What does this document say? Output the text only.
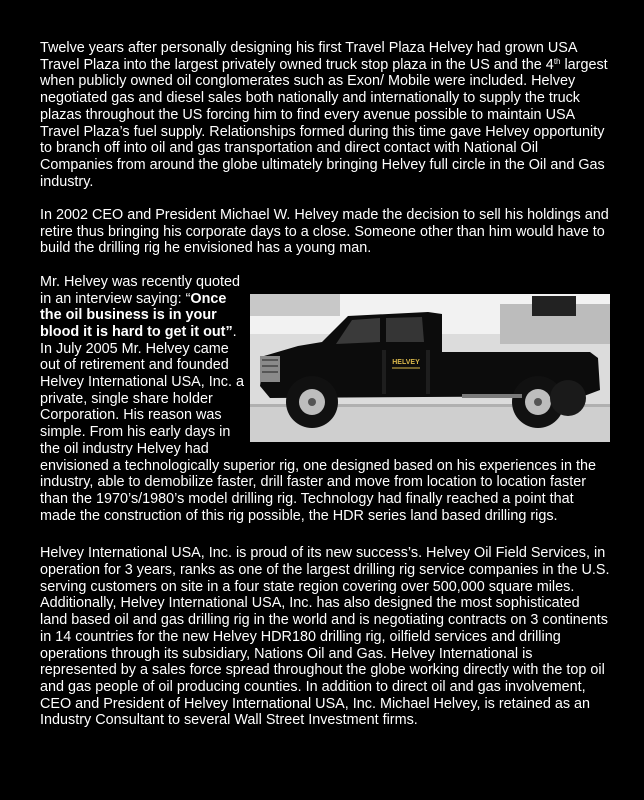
Twelve years after personally designing his first Travel Plaza Helvey had grown USA Travel Plaza into the largest privately owned truck stop plaza in the US and the 4th largest when publicly owned oil conglomerates such as Exon/ Mobile were included. Helvey negotiated gas and diesel sales both nationally and internationally to supply the truck plazas throughout the US forcing him to find every avenue possible to maintain USA Travel Plaza’s fuel supply. Relationships formed during this time gave Helvey opportunity to branch off into oil and gas transportation and direct contact with National Oil Companies from around the globe ultimately bringing Helvey full circle in the Oil and Gas industry.

In 2002 CEO and President Michael W. Helvey made the decision to sell his holdings and retire thus bringing his corporate days to a close. Someone other than him would have to build the drilling rig he envisioned has a young man.

HELVEY

Mr. Helvey was recently quoted in an interview saying: “Once the oil business is in your blood it is hard to get it out”. In July 2005 Mr. Helvey came out of retirement and founded Helvey International USA, Inc. a private, single share holder Corporation. His reason was simple. From his early days in the oil industry Helvey had envisioned a technologically superior rig, one designed based on his experiences in the industry, able to demobilize faster, drill faster and move from location to location faster than the 1970’s/1980’s model drilling rig. Technology had finally reached a point that made the construction of this rig possible, the HDR series land based drilling rigs.

Helvey International USA, Inc. is proud of its new success’s. Helvey Oil Field Services, in operation for 3 years, ranks as one of the largest drilling rig service companies in the U.S. serving customers on site in a four state region covering over 500,000 square miles.

Additionally, Helvey International USA, Inc. has also designed the most sophisticated land based oil and gas drilling rig in the world and is negotiating contracts on 3 continents in 14 countries for the new Helvey HDR180 drilling rig, oilfield services and drilling operations through its subsidiary, Nations Oil and Gas. Helvey International is represented by a sales force spread throughout the globe working directly with the top oil and gas people of oil producing counties. In addition to direct oil and gas involvement, CEO and President of Helvey International USA, Inc. Michael Helvey, is retained as an Industry Consultant to several Wall Street Investment firms.
